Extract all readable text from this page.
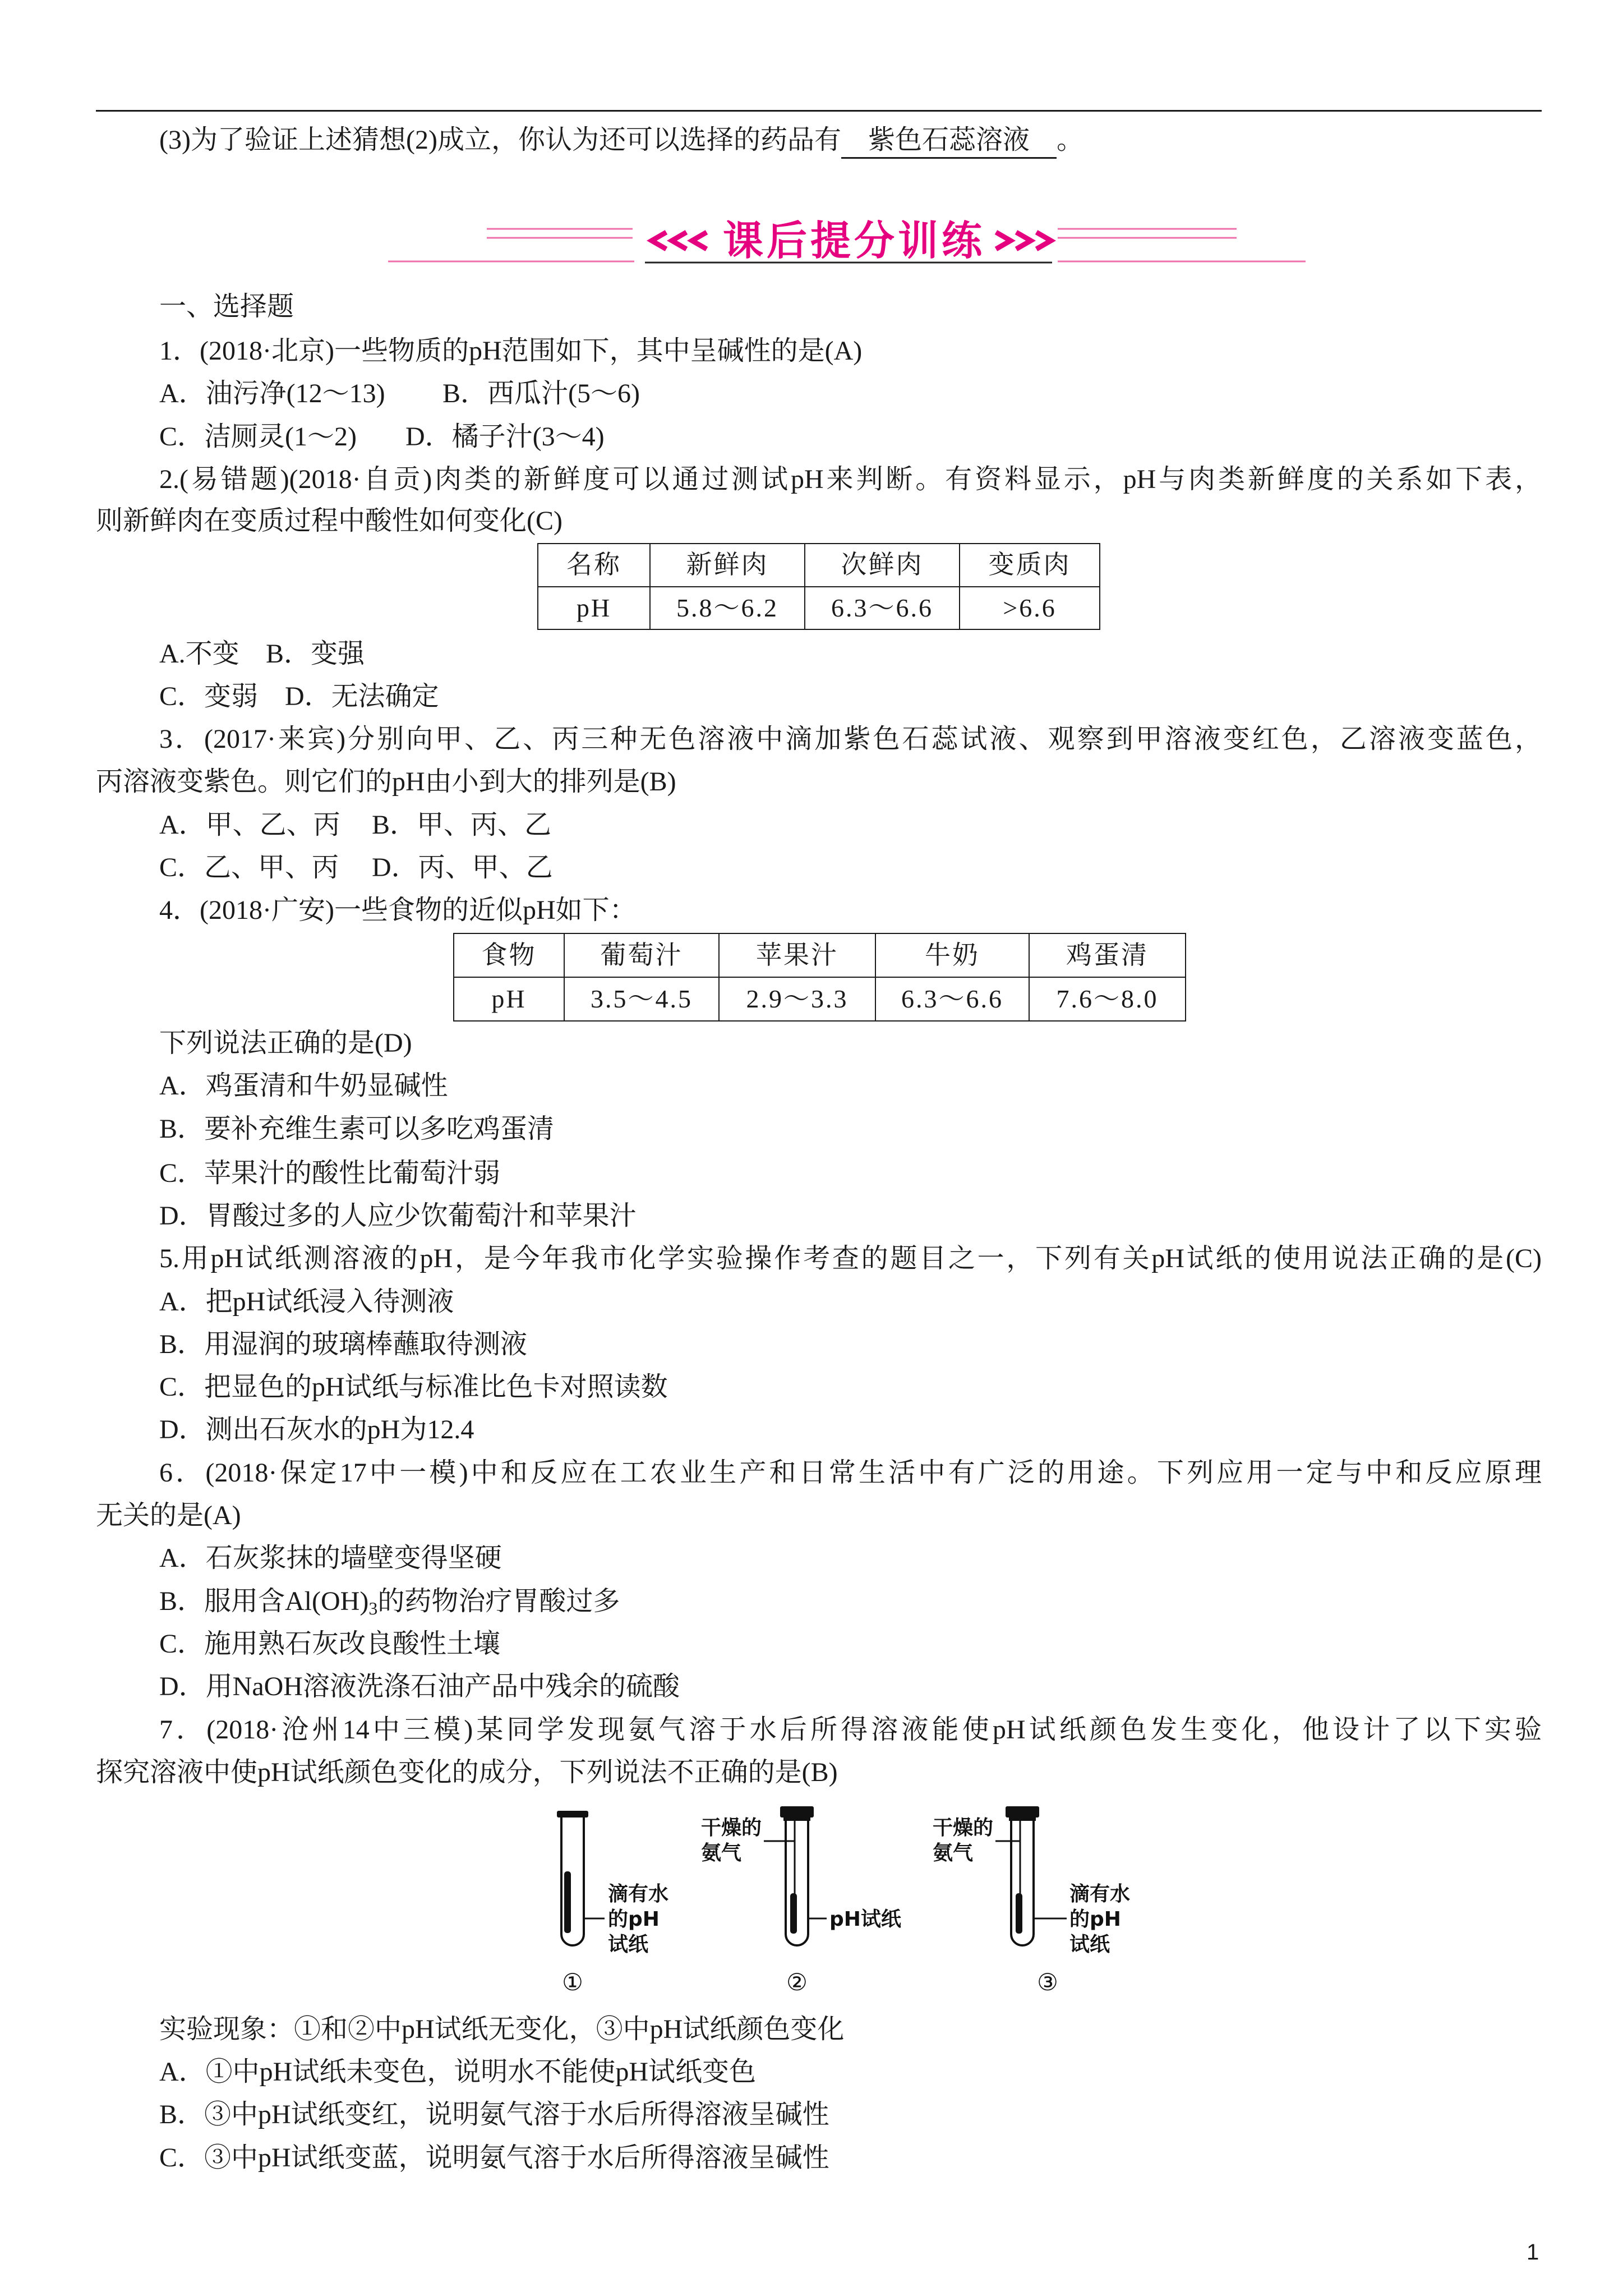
(3)为了验证上述猜想(2)成立，你认为还可以选择的药品有 紫色石蕊溶液 。
课后提分训练
一、选择题
1．(2018·北京)一些物质的pH范围如下，其中呈碱性的是(A)
A．油污净(12～13) B．西瓜汁(5～6)
C．洁厕灵(1～2) D．橘子汁(3～4)
2.(易错题)(2018·自贡)肉类的新鲜度可以通过测试pH来判断。有资料显示，pH与肉类新鲜度的关系如下表，
则新鲜肉在变质过程中酸性如何变化(C)
名称	新鲜肉	次鲜肉	变质肉
pH	5.8～6.2	6.3～6.6	>6.6
A.不变 B．变强
C．变弱 D．无法确定
3．(2017·来宾)分别向甲、乙、丙三种无色溶液中滴加紫色石蕊试液、观察到甲溶液变红色，乙溶液变蓝色，
丙溶液变紫色。则它们的pH由小到大的排列是(B)
A．甲、乙、丙 B．甲、丙、乙
C．乙、甲、丙 D．丙、甲、乙
4．(2018·广安)一些食物的近似pH如下：
食物	葡萄汁	苹果汁	牛奶	鸡蛋清
pH	3.5～4.5	2.9～3.3	6.3～6.6	7.6～8.0
下列说法正确的是(D)
A．鸡蛋清和牛奶显碱性
B．要补充维生素可以多吃鸡蛋清
C．苹果汁的酸性比葡萄汁弱
D．胃酸过多的人应少饮葡萄汁和苹果汁
5.用pH试纸测溶液的pH，是今年我市化学实验操作考查的题目之一，下列有关pH试纸的使用说法正确的是(C)
A．把pH试纸浸入待测液
B．用湿润的玻璃棒蘸取待测液
C．把显色的pH试纸与标准比色卡对照读数
D．测出石灰水的pH为12.4
6．(2018·保定17中一模)中和反应在工农业生产和日常生活中有广泛的用途。下列应用一定与中和反应原理
无关的是(A)
A．石灰浆抹的墙壁变得坚硬
B．服用含$Al(OH)_3$的药物治疗胃酸过多
C．施用熟石灰改良酸性土壤
D．用NaOH溶液洗涤石油产品中残余的硫酸
7．(2018·沧州14中三模)某同学发现氨气溶于水后所得溶液能使pH试纸颜色发生变化，他设计了以下实验
探究溶液中使pH试纸颜色变化的成分，下列说法不正确的是(B)
滴有水
的pH
试纸
①
干燥的
氨气
pH试纸
②
干燥的
氨气
滴有水
的pH
试纸
③
实验现象：①和②中pH试纸无变化，③中pH试纸颜色变化
A．①中pH试纸未变色，说明水不能使pH试纸变色
B．③中pH试纸变红，说明氨气溶于水后所得溶液呈碱性
C．③中pH试纸变蓝，说明氨气溶于水后所得溶液呈碱性
1
